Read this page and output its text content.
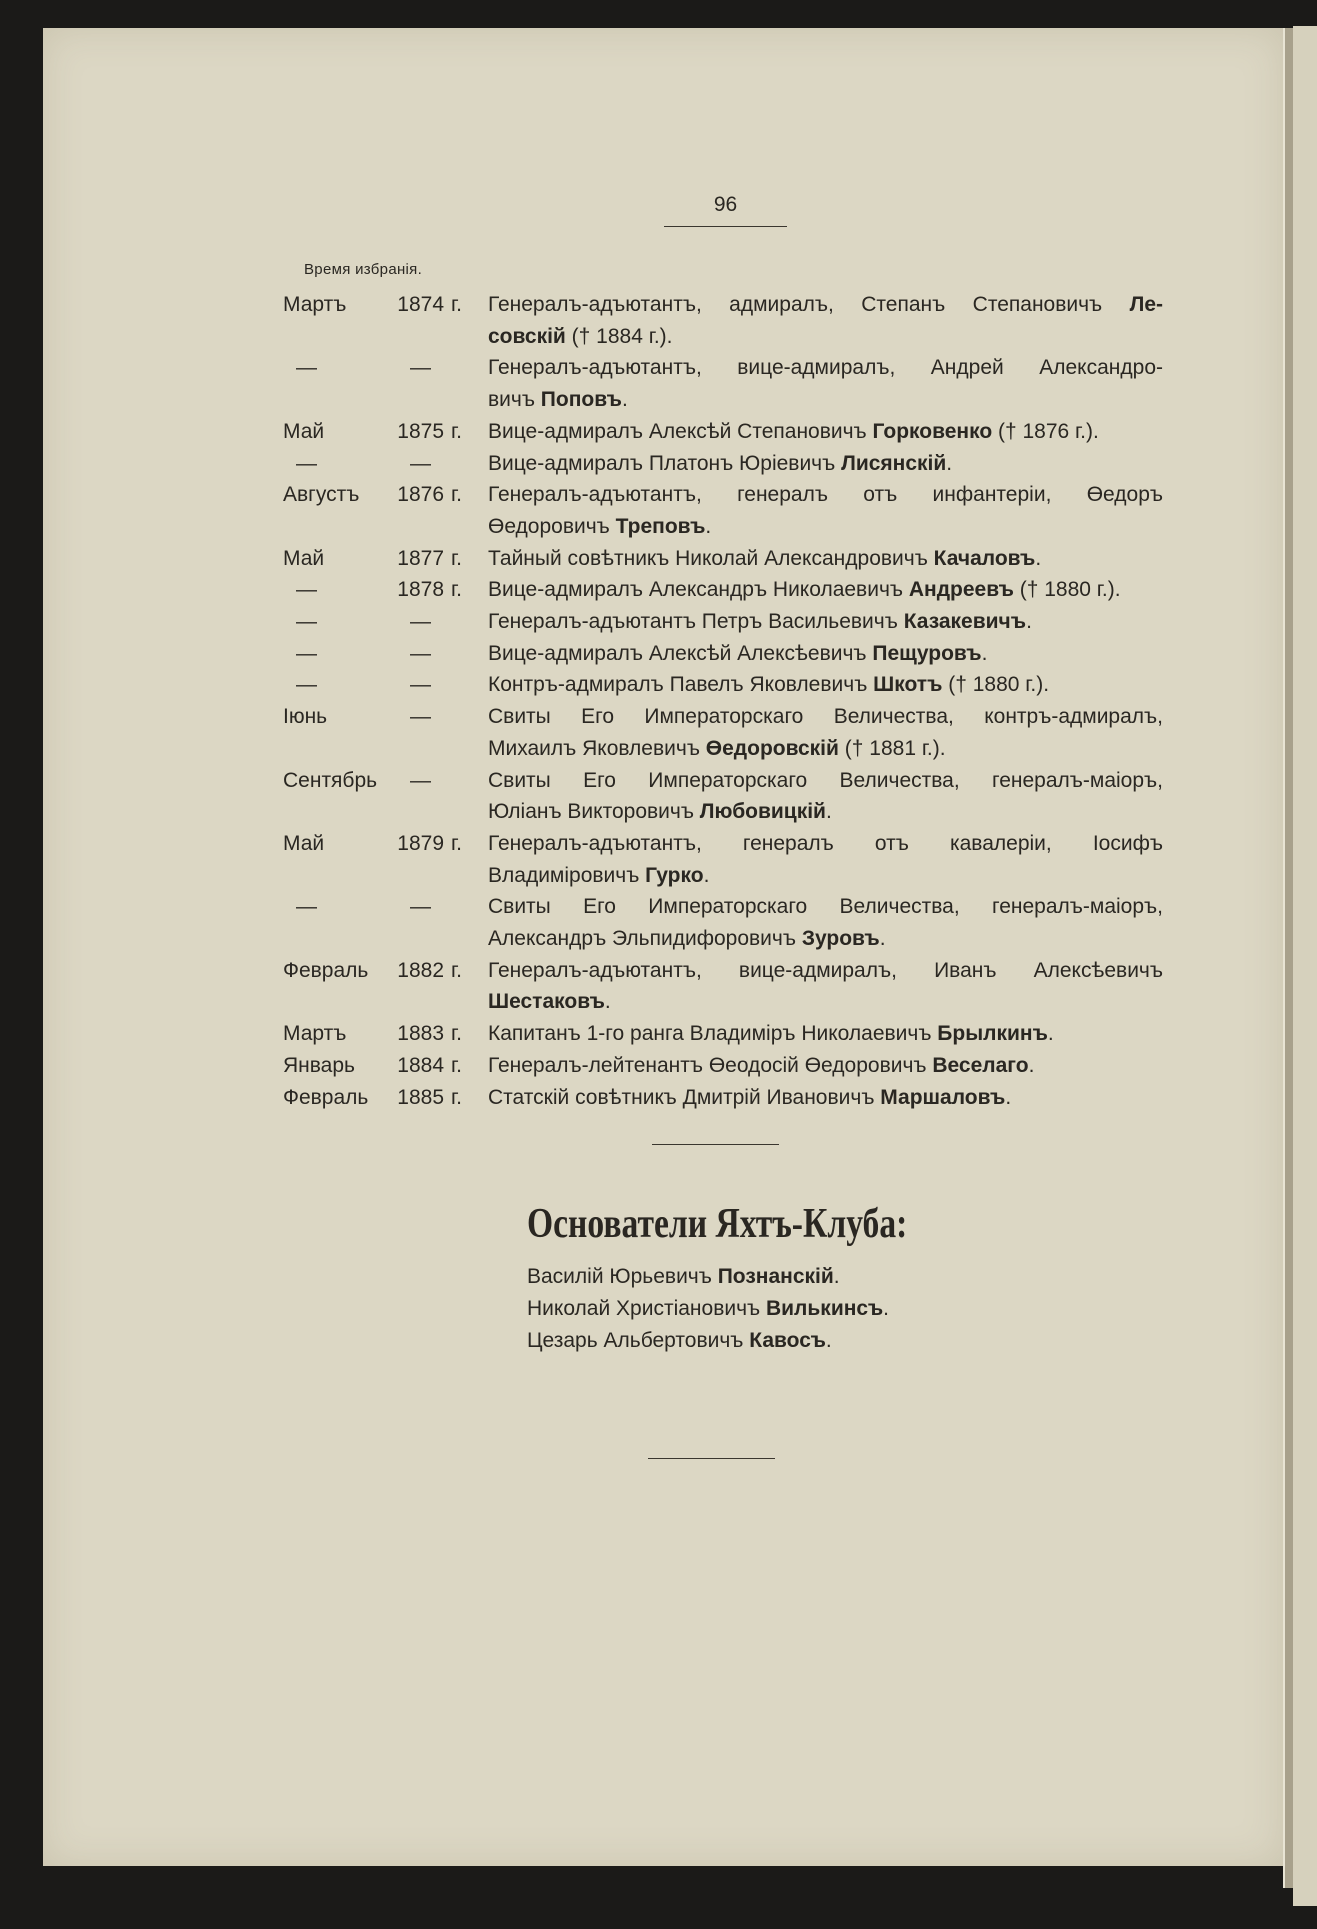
96
Время избранія.
Мартъ 1874 г. Генералъ-адъютантъ, адмиралъ, Степанъ Степановичъ Ле-
совскій († 1884 г.).
—	—	Генералъ-адъютантъ, вице-адмиралъ, Андрей Александро-
вичъ Поповъ.
Май	1875 г. Вице-адмиралъ Алексѣй Степановичъ Горковенко († 1876 г.).
—	—	Вице-адмиралъ Платонъ Юріевичъ Лисянскій.
Августъ 1876 г. Генералъ-адъютантъ, генералъ отъ инфантеріи, Өедоръ
Өедоровичъ Треповъ.
Май	1877 г. Тайный совѣтникъ Николай Александровичъ Качаловъ.
—	1878 г. Вице-адмиралъ Александръ Николаевичъ Андреевъ († 1880 г.).
—	—	Генералъ-адъютантъ Петръ Васильевичъ Казакевичъ.
—	—	Вице-адмиралъ Алексѣй Алексѣевичъ Пещуровъ.
—	—	Контръ-адмиралъ Павелъ Яковлевичъ Шкотъ († 1880 г.).
Іюнь	—	Свиты Его Императорскаго Величества, контръ-адмиралъ,
Михаилъ Яковлевичъ Өедоровскій († 1881 г.).
Сентябрь —	Свиты Его Императорскаго Величества, генералъ-маіоръ,
Юліанъ Викторовичъ Любовицкій.
Май	1879 г. Генералъ-адъютантъ, генералъ отъ кавалеріи, Іосифъ
Владиміровичъ Гурко.
—	—	Свиты Его Императорскаго Величества, генералъ-маіоръ,
Александръ Эльпидифоровичъ Зуровъ.
Февраль 1882 г. Генералъ-адъютантъ, вице-адмиралъ, Иванъ Алексѣевичъ
Шестаковъ.
Мартъ 1883 г. Капитанъ 1-го ранга Владиміръ Николаевичъ Брылкинъ.
Январь 1884 г. Генералъ-лейтенантъ Өеодосій Өедоровичъ Веселаго.
Февраль 1885 г. Статскій совѣтникъ Дмитрій Ивановичъ Маршаловъ.
Основатели Яхтъ-Клуба:
Василій Юрьевичъ Познанскій.
Николай Христіановичъ Вилькинсъ.
Цезарь Альбертовичъ Кавосъ.
